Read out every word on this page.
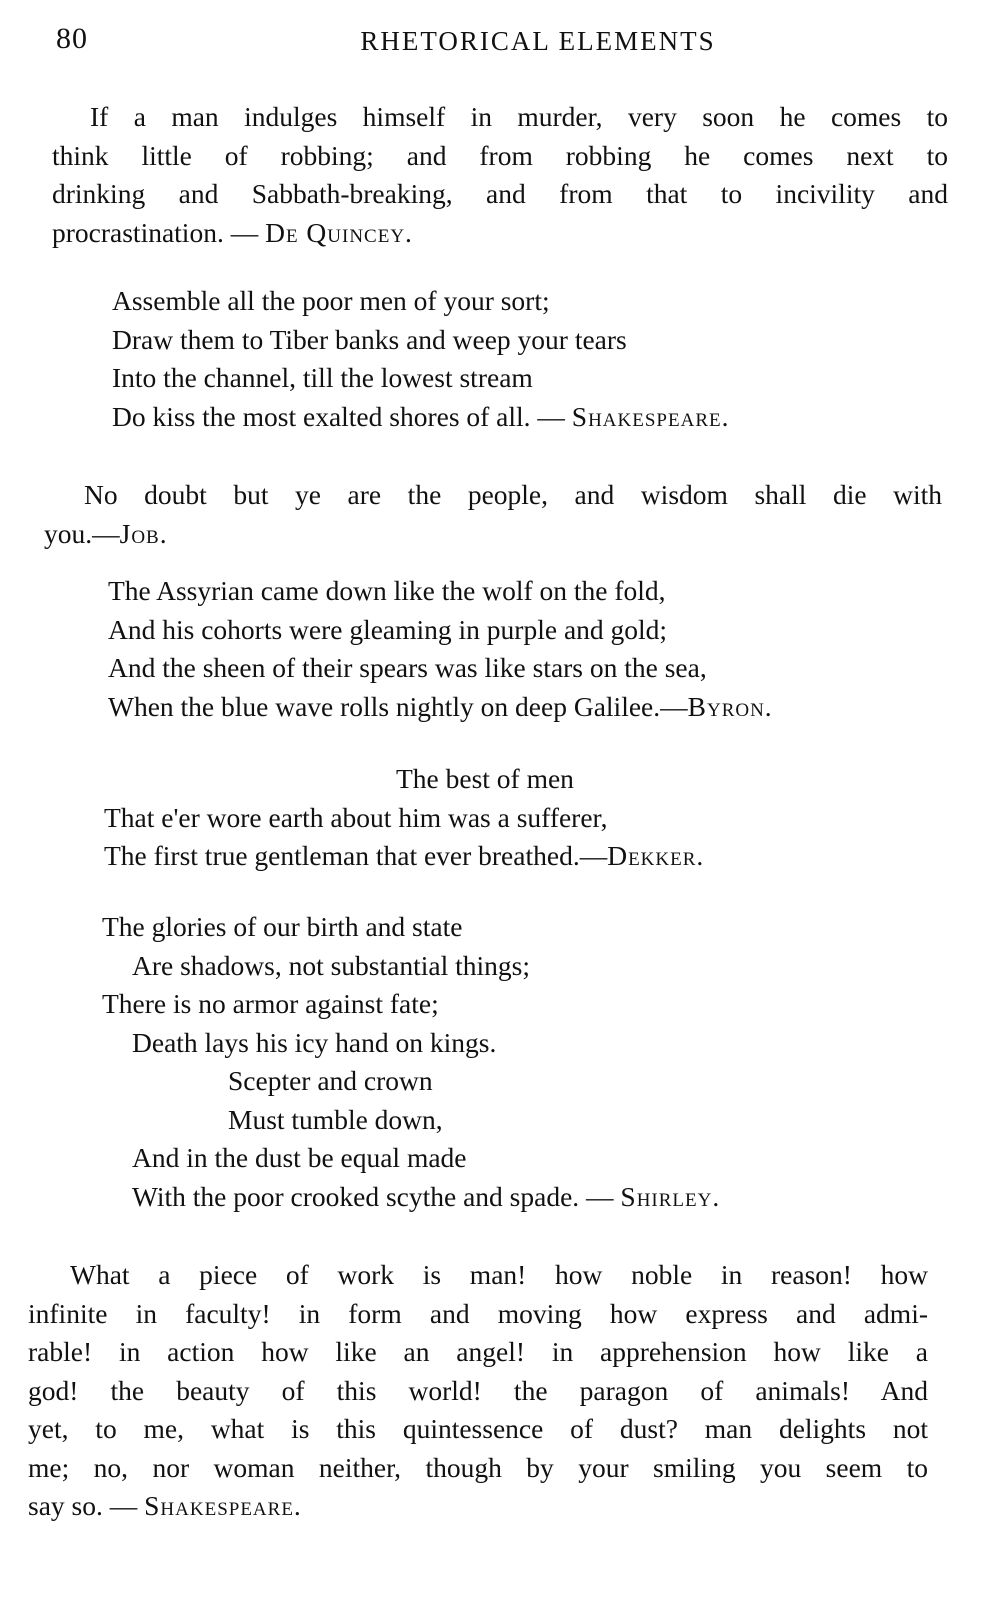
80	RHETORICAL ELEMENTS
If a man indulges himself in murder, very soon he comes to
think little of robbing; and from robbing he comes next to
drinking and Sabbath-breaking, and from that to incivility and
procrastination. — De Quincey.
Assemble all the poor men of your sort;
Draw them to Tiber banks and weep your tears
Into the channel, till the lowest stream
Do kiss the most exalted shores of all. — Shakespeare.
No doubt but ye are the people, and wisdom shall die with
you.—Job.
The Assyrian came down like the wolf on the fold,
And his cohorts were gleaming in purple and gold;
And the sheen of their spears was like stars on the sea,
When the blue wave rolls nightly on deep Galilee.—Byron.
The best of men
That e'er wore earth about him was a sufferer,
The first true gentleman that ever breathed.—Dekker.
The glories of our birth and state
Are shadows, not substantial things;
There is no armor against fate;
Death lays his icy hand on kings.
Scepter and crown
Must tumble down,
And in the dust be equal made
With the poor crooked scythe and spade. — Shirley.
What a piece of work is man! how noble in reason! how
infinite in faculty! in form and moving how express and admi-
rable! in action how like an angel! in apprehension how like a
god! the beauty of this world! the paragon of animals! And
yet, to me, what is this quintessence of dust? man delights not
me; no, nor woman neither, though by your smiling you seem to
say so. — Shakespeare.
